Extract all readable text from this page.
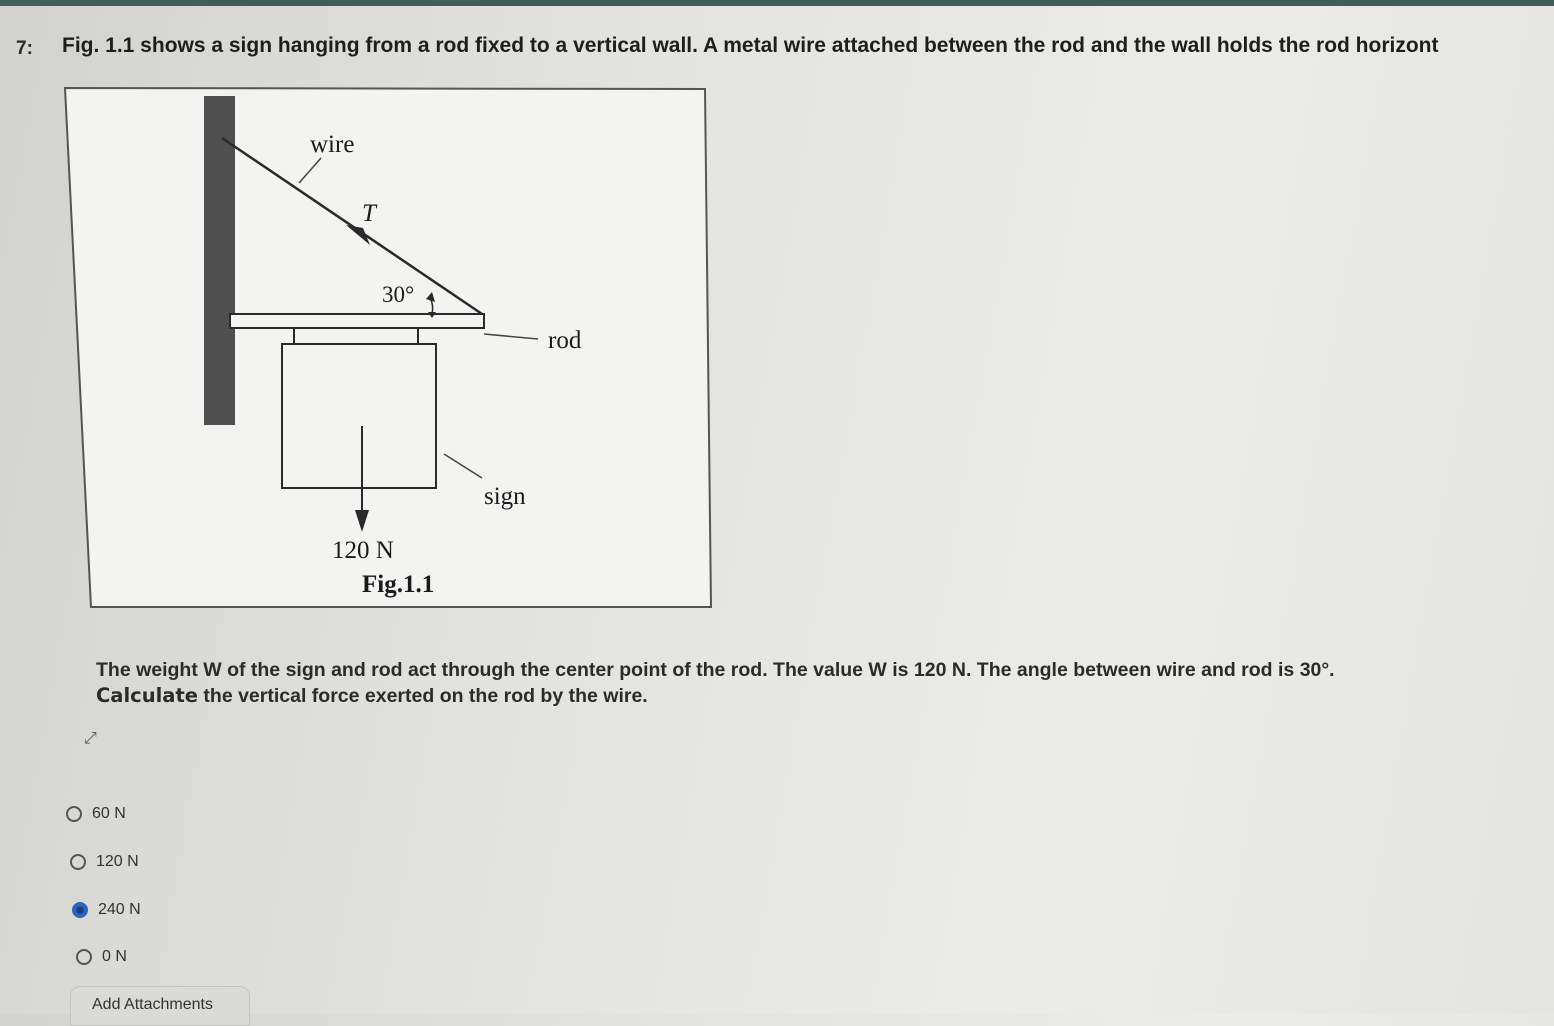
7: Fig. 1.1 shows a sign hanging from a rod fixed to a vertical wall. A metal wire attached between the rod and the wall holds the rod horizont
wire
T
30°
rod
sign
120 N
Fig.1.1
The weight W of the sign and rod act through the center point of the rod. The value W is 120 N. The angle between wire and rod is 30°.
Calculate the vertical force exerted on the rod by the wire.
⤢
60 N
120 N
240 N
0 N
Add Attachments
